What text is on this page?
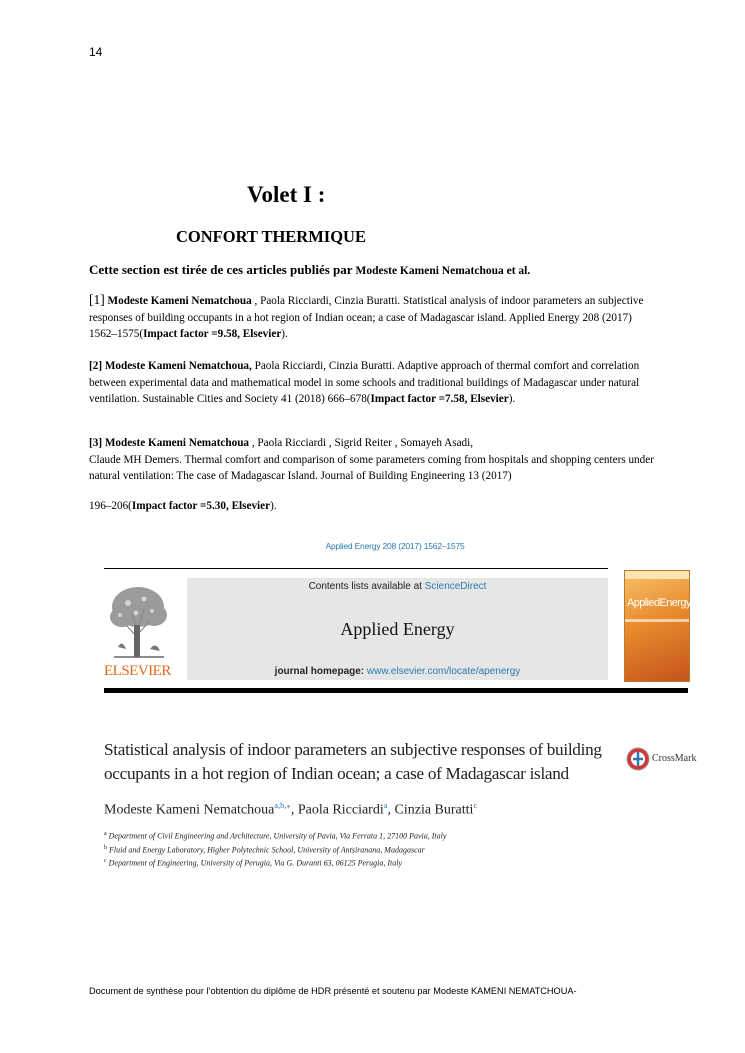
14
Volet I :
CONFORT THERMIQUE
Cette section est tirée de ces articles publiés par Modeste Kameni Nematchoua et al.
[1] Modeste Kameni Nematchoua , Paola Ricciardi, Cinzia Buratti. Statistical analysis of indoor parameters an subjective responses of building occupants in a hot region of Indian ocean; a case of Madagascar island. Applied Energy 208 (2017) 1562–1575(Impact factor =9.58, Elsevier).
[2] Modeste Kameni Nematchoua, Paola Ricciardi, Cinzia Buratti. Adaptive approach of thermal comfort and correlation between experimental data and mathematical model in some schools and traditional buildings of Madagascar under natural ventilation. Sustainable Cities and Society 41 (2018) 666–678(Impact factor =7.58, Elsevier).
[3] Modeste Kameni Nematchoua , Paola Ricciardi , Sigrid Reiter , Somayeh Asadi,
Claude MH Demers. Thermal comfort and comparison of some parameters coming from hospitals and shopping centers under natural ventilation: The case of Madagascar Island. Journal of Building Engineering 13 (2017)
196–206(Impact factor =5.30, Elsevier).
Applied Energy 208 (2017) 1562–1575
ELSEVIER
Contents lists available at ScienceDirect
Applied Energy
journal homepage: www.elsevier.com/locate/apenergy
AppliedEnergy
Statistical analysis of indoor parameters an subjective responses of building occupants in a hot region of Indian ocean; a case of Madagascar island
CrossMark
Modeste Kameni Nematchoua$^{a,b,⁎}$, Paola Ricciardi$^a$, Cinzia Buratti$^c$
$^a$ Department of Civil Engineering and Architecture, University of Pavia, Via Ferrata 1, 27100 Pavia, Italy
$^b$ Fluid and Energy Laboratory, Higher Polytechnic School, University of Antsiranana, Madagascar
$^c$ Department of Engineering, University of Perugia, Via G. Duranti 63, 06125 Perugia, Italy
Document de synthèse pour l’obtention du diplôme de HDR présenté et soutenu par Modeste KAMENI NEMATCHOUA-
